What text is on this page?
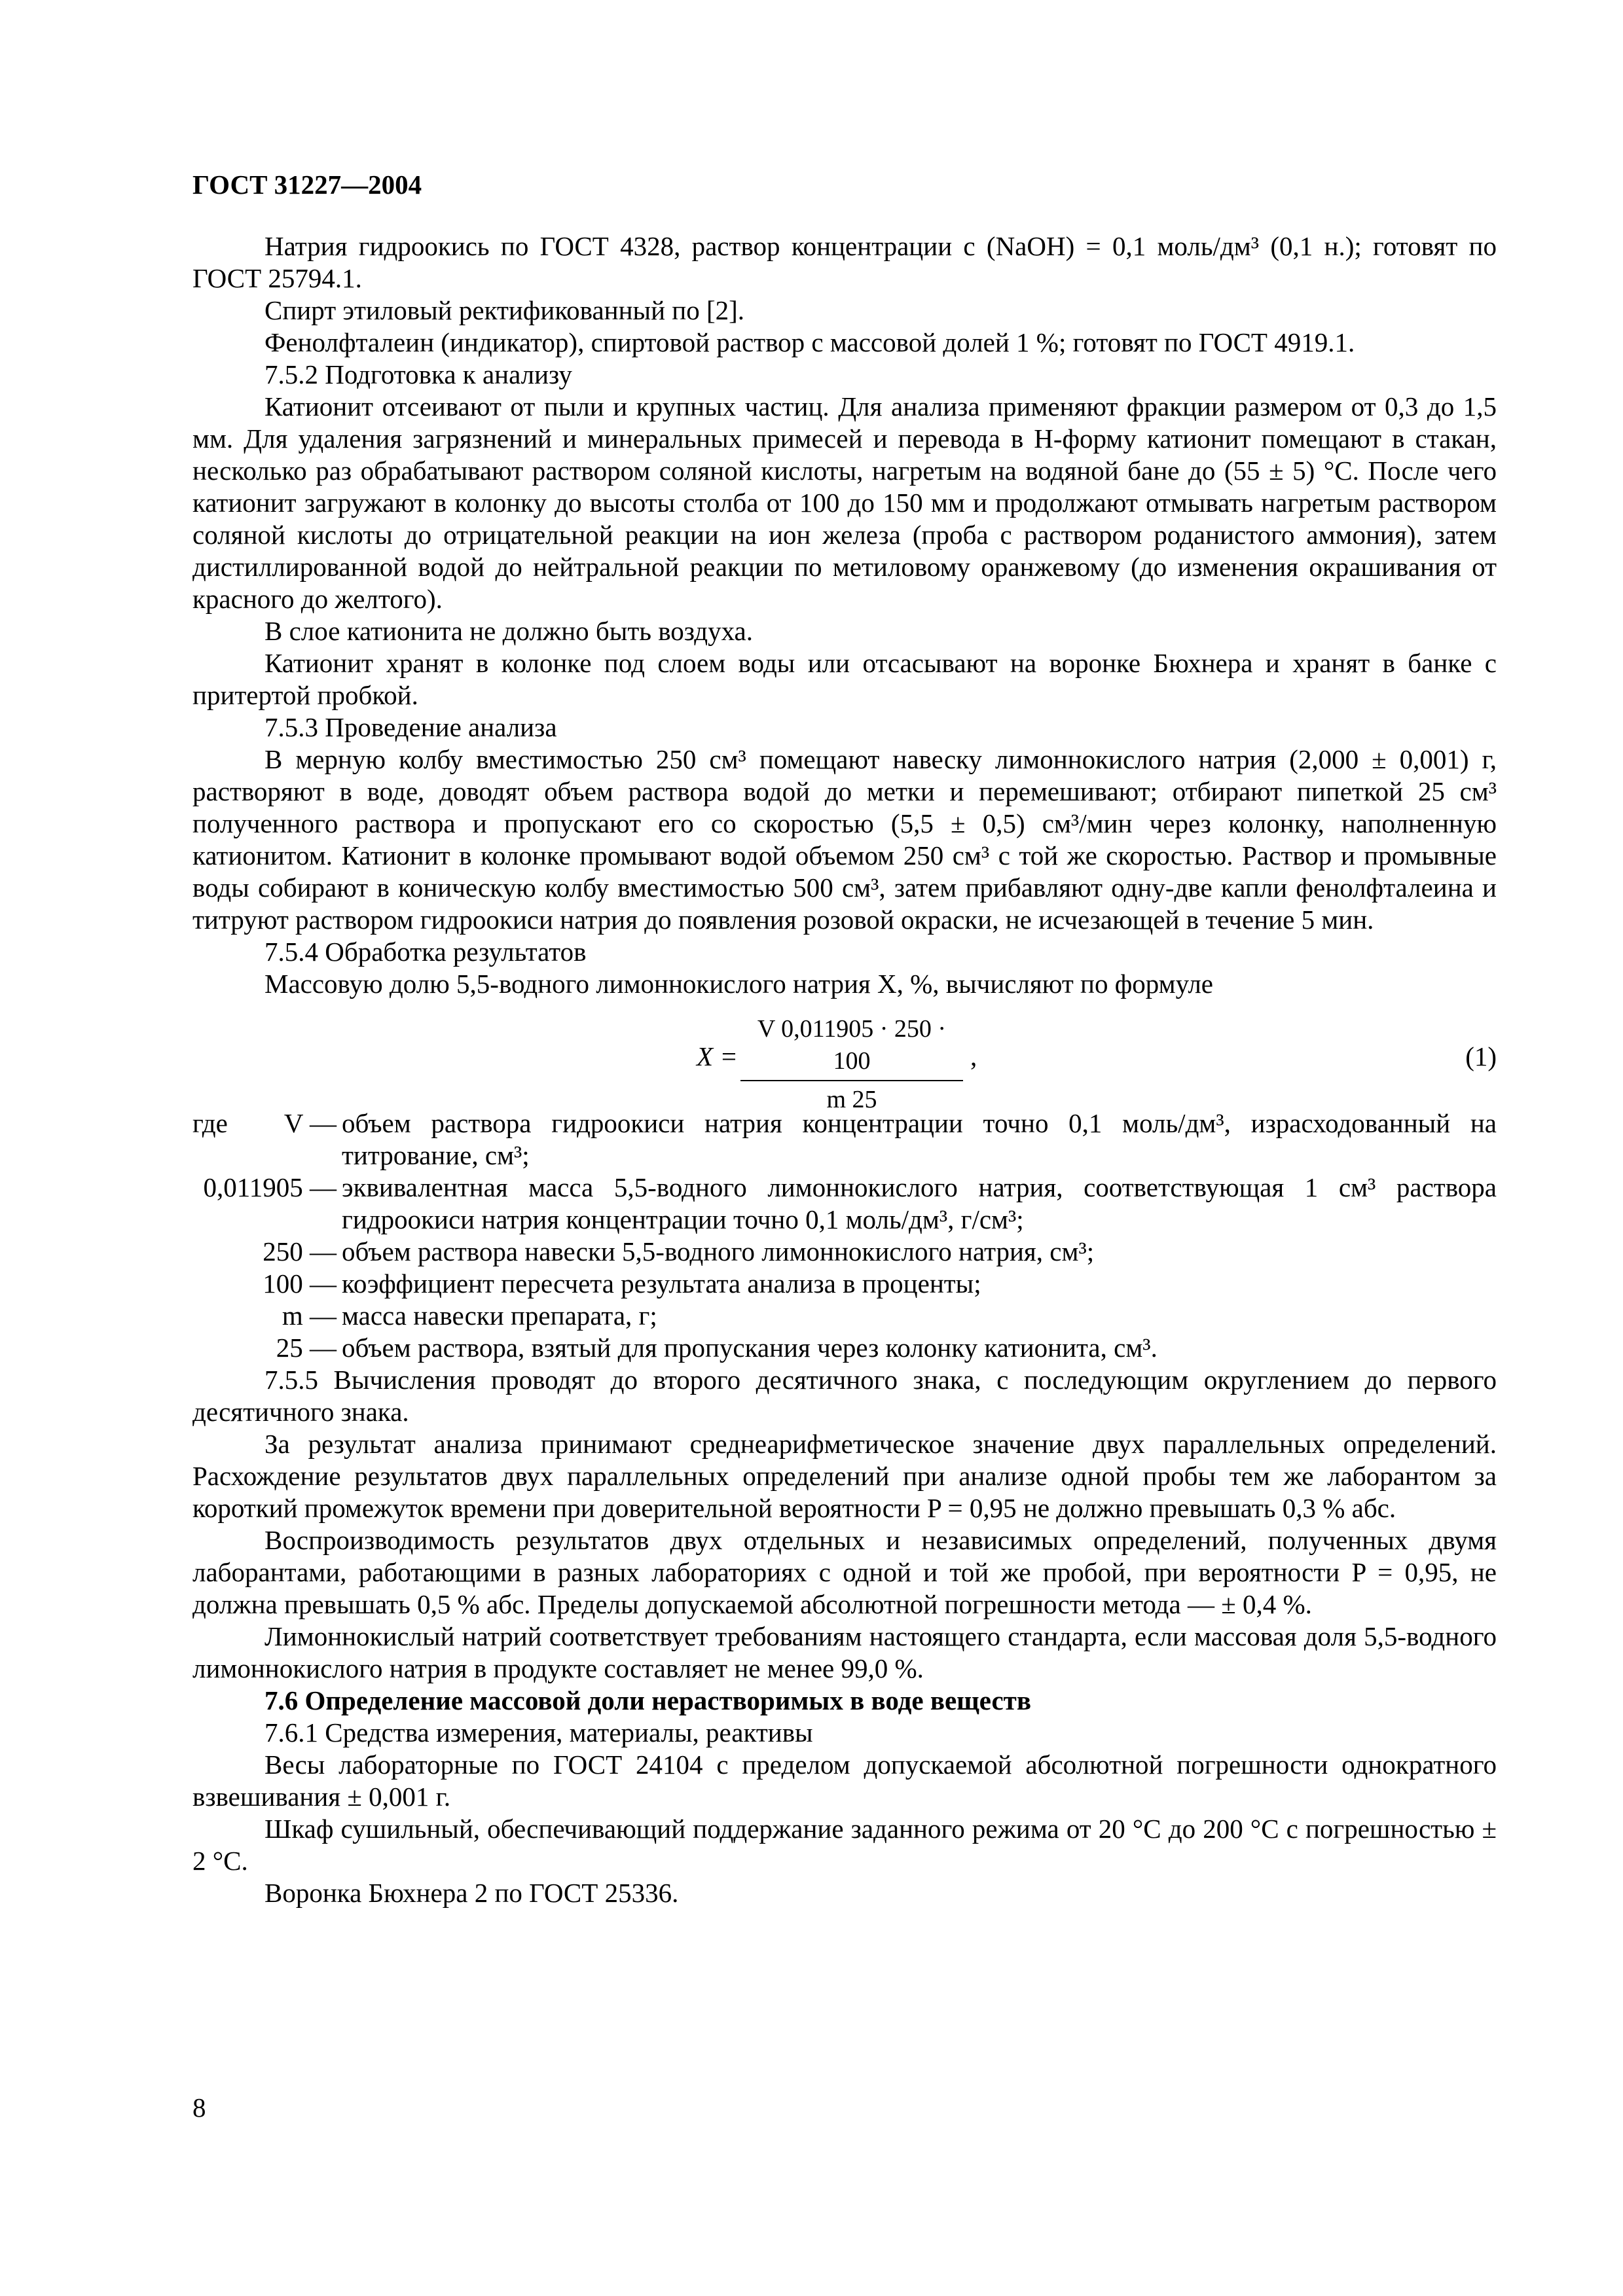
ГОСТ 31227—2004

Натрия гидроокись по ГОСТ 4328, раствор концентрации c (NaOH) = 0,1 моль/дм³ (0,1 н.); готовят по ГОСТ 25794.1.

Спирт этиловый ректификованный по [2].

Фенолфталеин (индикатор), спиртовой раствор с массовой долей 1 %; готовят по ГОСТ 4919.1.

7.5.2 Подготовка к анализу

Катионит отсеивают от пыли и крупных частиц. Для анализа применяют фракции размером от 0,3 до 1,5 мм. Для удаления загрязнений и минеральных примесей и перевода в H-форму катионит помещают в стакан, несколько раз обрабатывают раствором соляной кислоты, нагретым на водяной бане до (55 ± 5) °С. После чего катионит загружают в колонку до высоты столба от 100 до 150 мм и продолжают отмывать нагретым раствором соляной кислоты до отрицательной реакции на ион железа (проба с раствором роданистого аммония), затем дистиллированной водой до нейтральной реакции по метиловому оранжевому (до изменения окрашивания от красного до желтого).

В слое катионита не должно быть воздуха.

Катионит хранят в колонке под слоем воды или отсасывают на воронке Бюхнера и хранят в банке с притертой пробкой.

7.5.3 Проведение анализа

В мерную колбу вместимостью 250 см³ помещают навеску лимоннокислого натрия (2,000 ± 0,001) г, растворяют в воде, доводят объем раствора водой до метки и перемешивают; отбирают пипеткой 25 см³ полученного раствора и пропускают его со скоростью (5,5 ± 0,5) см³/мин через колонку, наполненную катионитом. Катионит в колонке промывают водой объемом 250 см³ с той же скоростью. Раствор и промывные воды собирают в коническую колбу вместимостью 500 см³, затем прибавляют одну-две капли фенолфталеина и титруют раствором гидроокиси натрия до появления розовой окраски, не исчезающей в течение 5 мин.

7.5.4 Обработка результатов

Массовую долю 5,5-водного лимоннокислого натрия X, %, вычисляют по формуле

X =
V 0,011905 · 250 · 100
m 25
,	(1)
где	V — объем раствора гидроокиси натрия концентрации точно 0,1 моль/дм³, израсходованный на титрование, см³;
0,011905 — эквивалентная масса 5,5-водного лимоннокислого натрия, соответствующая 1 см³ раствора гидроокиси натрия концентрации точно 0,1 моль/дм³, г/см³;
250 — объем раствора навески 5,5-водного лимоннокислого натрия, см³;
100 — коэффициент пересчета результата анализа в проценты;
m — масса навески препарата, г;
25 — объем раствора, взятый для пропускания через колонку катионита, см³.

7.5.5 Вычисления проводят до второго десятичного знака, с последующим округлением до первого десятичного знака.

За результат анализа принимают среднеарифметическое значение двух параллельных определений. Расхождение результатов двух параллельных определений при анализе одной пробы тем же лаборантом за короткий промежуток времени при доверительной вероятности P = 0,95 не должно превышать 0,3 % абс.

Воспроизводимость результатов двух отдельных и независимых определений, полученных двумя лаборантами, работающими в разных лабораториях с одной и той же пробой, при вероятности P = 0,95, не должна превышать 0,5 % абс. Пределы допускаемой абсолютной погрешности метода — ± 0,4 %.

Лимоннокислый натрий соответствует требованиям настоящего стандарта, если массовая доля 5,5-водного лимоннокислого натрия в продукте составляет не менее 99,0 %.

7.6 Определение массовой доли нерастворимых в воде веществ

7.6.1 Средства измерения, материалы, реактивы

Весы лабораторные по ГОСТ 24104 с пределом допускаемой абсолютной погрешности однократного взвешивания ± 0,001 г.

Шкаф сушильный, обеспечивающий поддержание заданного режима от 20 °С до 200 °С с погрешностью ± 2 °С.

Воронка Бюхнера 2 по ГОСТ 25336.

8
